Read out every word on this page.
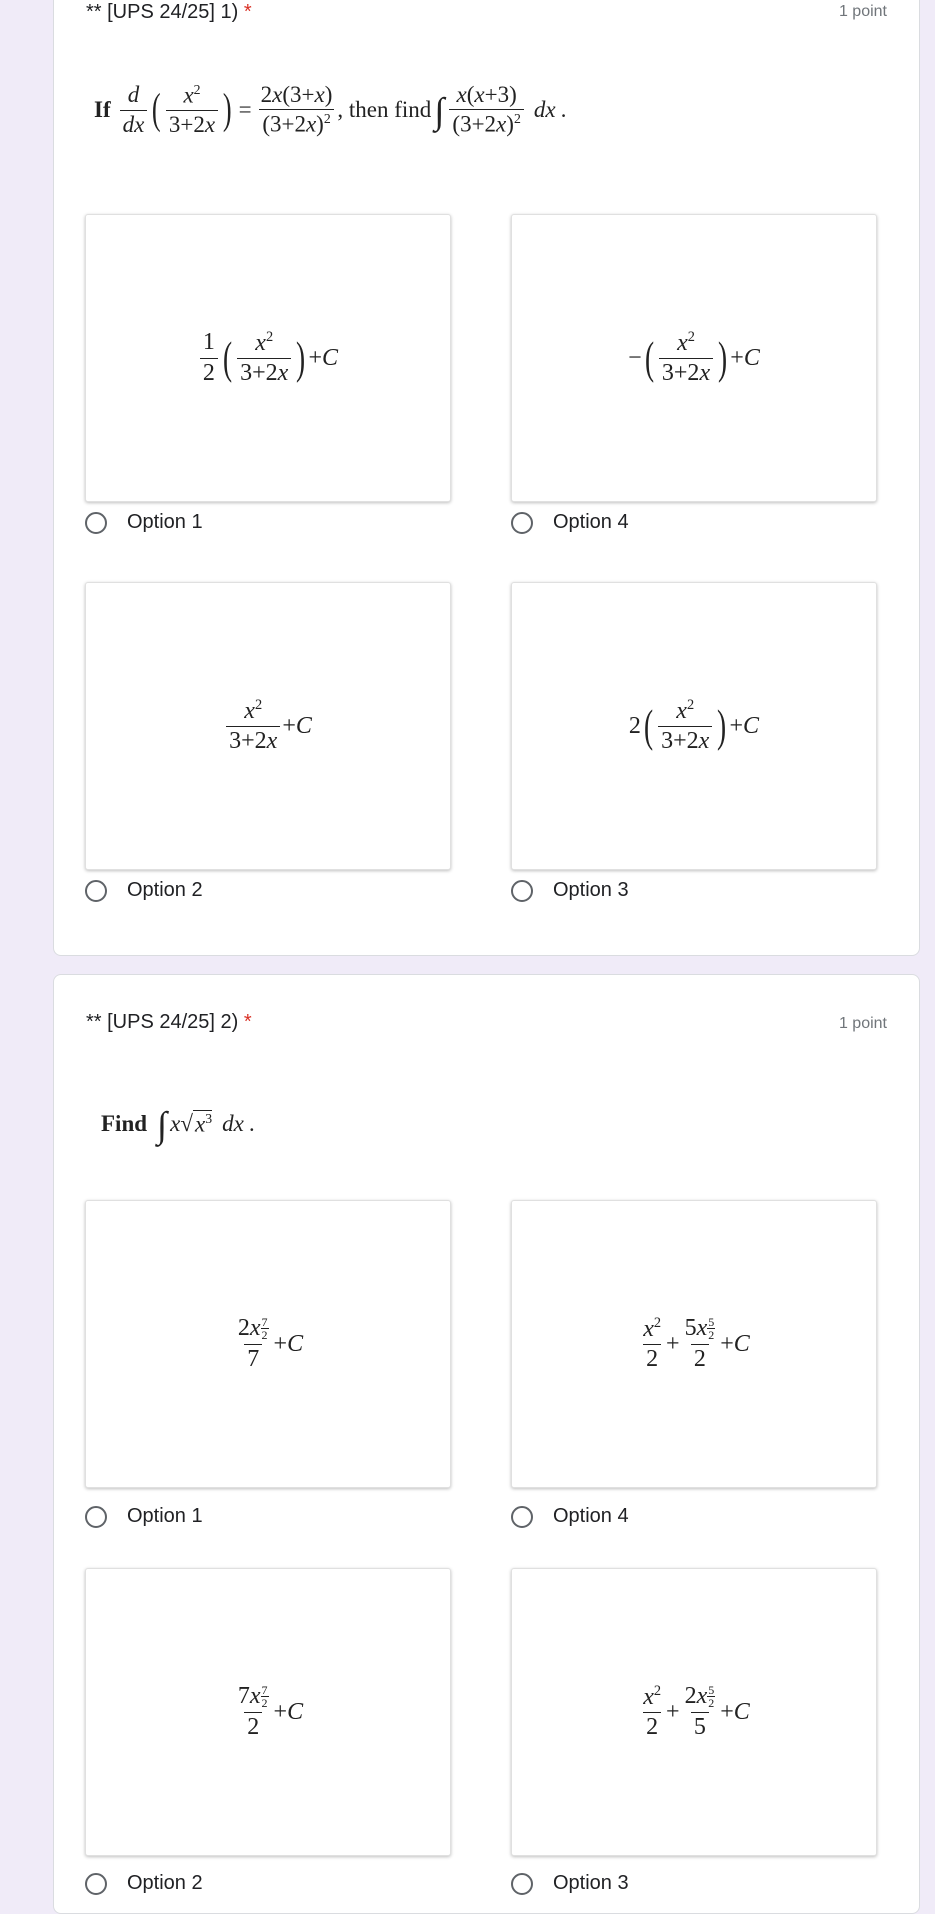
** [UPS 24/25] 1) *	1 point
If $\frac{d}{dx}$ ( $\frac{x^2}{3+2x}$ ) = $\frac{2x(3+x)}{(3+2x)^2}$ , then find ∫ $\frac{x(x+3)}{(3+2x)^2}$ dx .
$\frac{1}{2}$ ( $\frac{x^2}{3+2x}$ ) + C
Option 1
− ( $\frac{x^2}{3+2x}$ ) + C
Option 4
$\frac{x^2}{3+2x} + C$
Option 2
2 ( $\frac{x^2}{3+2x}$ ) + C
Option 3
** [UPS 24/25] 2) *	1 point
Find ∫ x √ $x^3$ dx .
$\frac{2x \frac{7}{2}}{7} + C$
Option 1
$\frac{x^2}{2} + \frac{5x \frac{5}{2}}{2} + C$
Option 4
$\frac{7x \frac{7}{2}}{2} + C$
Option 2
$\frac{x^2}{2} + \frac{2x \frac{5}{2}}{5} + C$
Option 3
